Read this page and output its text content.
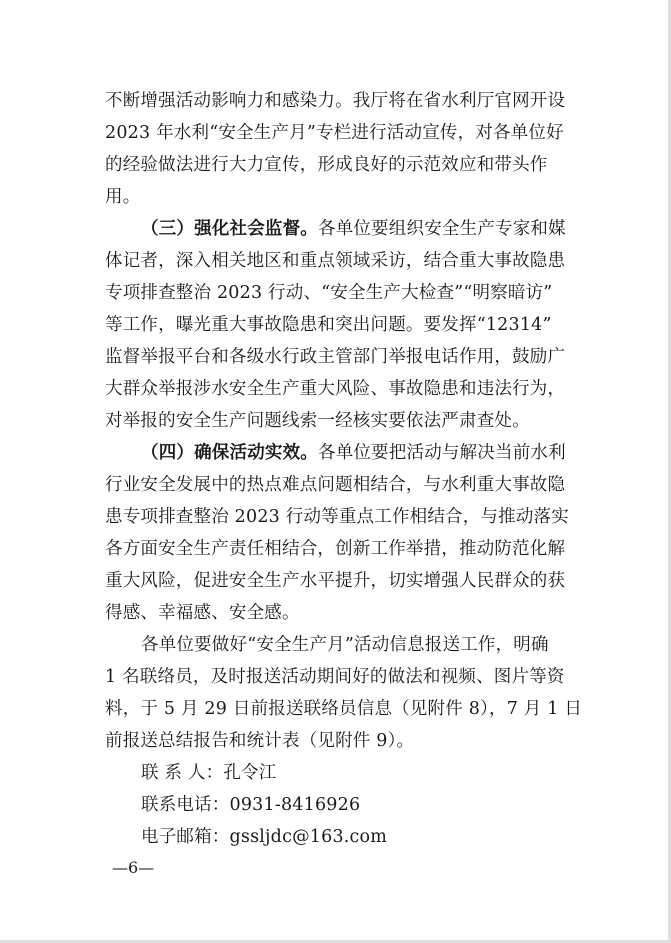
不断增强活动影响力和感染力。我厅将在省水利厅官网开设
2023 年水利“安全生产月”专栏进行活动宣传，对各单位好
的经验做法进行大力宣传，形成良好的示范效应和带头作
用。
（三）强化社会监督。各单位要组织安全生产专家和媒
体记者，深入相关地区和重点领域采访，结合重大事故隐患
专项排查整治 2023 行动、“安全生产大检查”“明察暗访”
等工作，曝光重大事故隐患和突出问题。要发挥“12314”
监督举报平台和各级水行政主管部门举报电话作用，鼓励广
大群众举报涉水安全生产重大风险、事故隐患和违法行为，
对举报的安全生产问题线索一经核实要依法严肃查处。
（四）确保活动实效。各单位要把活动与解决当前水利
行业安全发展中的热点难点问题相结合，与水利重大事故隐
患专项排查整治 2023 行动等重点工作相结合，与推动落实
各方面安全生产责任相结合，创新工作举措，推动防范化解
重大风险，促进安全生产水平提升，切实增强人民群众的获
得感、幸福感、安全感。
各单位要做好“安全生产月”活动信息报送工作，明确
1 名联络员，及时报送活动期间好的做法和视频、图片等资
料，于 5 月 29 日前报送联络员信息（见附件 8），7 月 1 日
前报送总结报告和统计表（见附件 9）。
联 系 人：孔令江
联系电话：0931-8416926
电子邮箱：gssljdc@163.com
—6—
